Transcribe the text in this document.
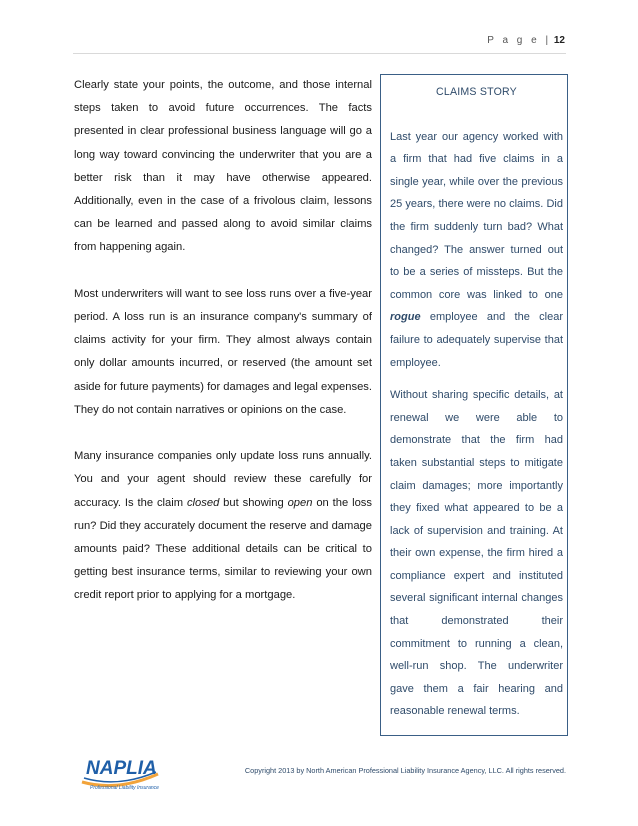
P a g e | 12

Clearly state your points, the outcome, and those internal steps taken to avoid future occurrences. The facts presented in clear professional business language will go a long way toward convincing the underwriter that you are a better risk than it may have otherwise appeared. Additionally, even in the case of a frivolous claim, lessons can be learned and passed along to avoid similar claims from happening again.

Most underwriters will want to see loss runs over a five-year period. A loss run is an insurance company's summary of claims activity for your firm. They almost always contain only dollar amounts incurred, or reserved (the amount set aside for future payments) for damages and legal expenses. They do not contain narratives or opinions on the case.

Many insurance companies only update loss runs annually. You and your agent should review these carefully for accuracy. Is the claim closed but showing open on the loss run? Did they accurately document the reserve and damage amounts paid? These additional details can be critical to getting best insurance terms, similar to reviewing your own credit report prior to applying for a mortgage.

CLAIMS STORY

Last year our agency worked with a firm that had five claims in a single year, while over the previous 25 years, there were no claims. Did the firm suddenly turn bad? What changed? The answer turned out to be a series of missteps. But the common core was linked to one rogue employee and the clear failure to adequately supervise that employee.

Without sharing specific details, at renewal we were able to demonstrate that the firm had taken substantial steps to mitigate claim damages; more importantly they fixed what appeared to be a lack of supervision and training. At their own expense, the firm hired a compliance expert and instituted several significant internal changes that demonstrated their commitment to running a clean, well-run shop. The underwriter gave them a fair hearing and reasonable renewal terms.

NAPLIA
Professional Liability Insurance
Copyright 2013 by North American Professional Liability Insurance Agency, LLC. All rights reserved.
